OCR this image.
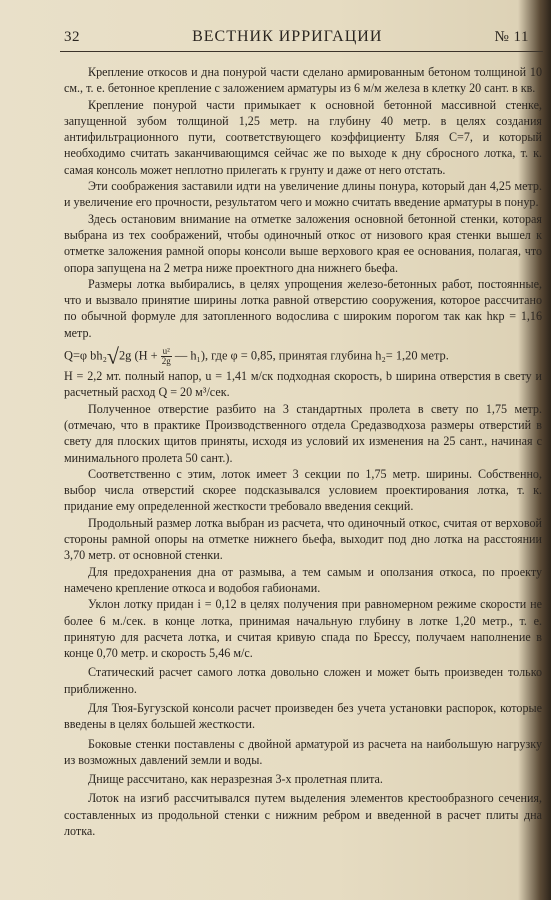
32	ВЕСТНИК ИРРИГАЦИИ	№ 11

Крепление откосов и дна понурой части сделано армированным бетоном толщиной 10 см., т. е. бетонное крепление с заложением арматуры из 6 м/м железа в клетку 20 сант. в кв.

Крепление понурой части примыкает к основной бетонной массивной стенке, запущенной зубом толщиной 1,25 метр. на глубину 40 метр. в целях создания антифильтрационного пути, соответствующего коэффициенту Бляя С=7, и который необходимо считать заканчивающимся сейчас же по выходе к дну сбросного лотка, т. к. самая консоль может неплотно прилегать к грунту и даже от него отстать.

Эти соображения заставили идти на увеличение длины понура, который дан 4,25 метр. и увеличение его прочности, результатом чего и можно считать введение арматуры в понур.

Здесь остановим внимание на отметке заложения основной бетонной стенки, которая выбрана из тех соображений, чтобы одиночный откос от низового края стенки вышел к отметке заложения рамной опоры консоли выше верхового края ее основания, полагая, что опора запущена на 2 метра ниже проектного дна нижнего бьефа.

Размеры лотка выбирались, в целях упрощения железо-бетонных работ, постоянные, что и вызвало принятие ширины лотка равной отверстию сооружения, которое рассчитано по обычной формуле для затопленного водослива с широким порогом так как hкр = 1,16 метр.

Q=φ bh₂√2g ($H + \frac{\text{u²}}{2g}$ — h₁), где φ = 0,85, принятая глубина h₂= 1,20 метр.

H = 2,2 мт. полный напор, u = 1,41 м/ск подходная скорость, b ширина отверстия в свету и расчетный расход Q = 20 м³/сек.

Полученное отверстие разбито на 3 стандартных пролета в свету по 1,75 метр. (отмечаю, что в практике Производственного отдела Средазводхоза размеры отверстий в свету для плоских щитов приняты, исходя из условий их изменения на 25 сант., начиная с минимального пролета 50 сант.).

Соответственно с этим, лоток имеет 3 секции по 1,75 метр. ширины. Собственно, выбор числа отверстий скорее подсказывался условием проектирования лотка, т. к. придание ему определенной жесткости требовало введения секций.

Продольный размер лотка выбран из расчета, что одиночный откос, считая от верховой стороны рамной опоры на отметке нижнего бьефа, выходит под дно лотка на расстоянии 3,70 метр. от основной стенки.

Для предохранения дна от размыва, а тем самым и оползания откоса, по проекту намечено крепление откоса и водобоя габионами.

Уклон лотку придан i = 0,12 в целях получения при равномерном режиме скорости не более 6 м./сек. в конце лотка, принимая начальную глубину в лотке 1,20 метр., т. е. принятую для расчета лотка, и считая кривую спада по Брессу, получаем наполнение в конце 0,70 метр. и скорость 5,46 м/с.

Статический расчет самого лотка довольно сложен и может быть произведен только приближенно.

Для Тюя-Бугузской консоли расчет произведен без учета установки распорок, которые введены в целях большей жесткости.

Боковые стенки поставлены с двойной арматурой из расчета на наибольшую нагрузку из возможных давлений земли и воды.

Днище рассчитано, как неразрезная 3-х пролетная плита.

Лоток на изгиб рассчитывался путем выделения элементов крестообразного сечения, составленных из продольной стенки с нижним ребром и введенной в расчет плиты дна лотка.
